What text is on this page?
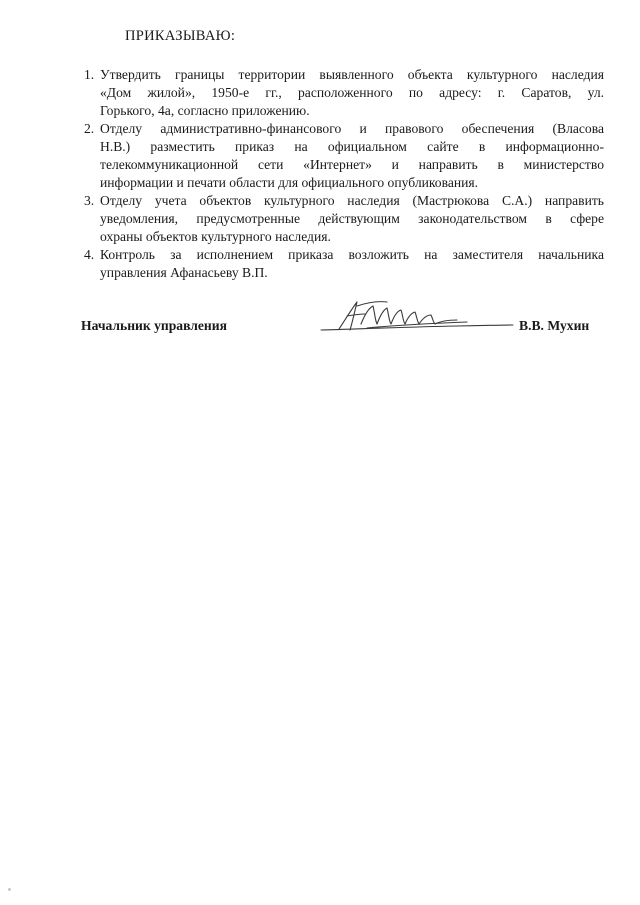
ПРИКАЗЫВАЮ:
1. Утвердить границы территории выявленного объекта культурного наследия
«Дом жилой», 1950-е гг., расположенного по адресу: г. Саратов, ул.
Горького, 4а, согласно приложению.
2. Отделу административно-финансового и правового обеспечения (Власова
Н.В.) разместить приказ на официальном сайте в информационно-
телекоммуникационной сети «Интернет» и направить в министерство
информации и печати области для официального опубликования.
3. Отделу учета объектов культурного наследия (Мастрюкова С.А.) направить
уведомления, предусмотренные действующим законодательством в сфере
охраны объектов культурного наследия.
4. Контроль за исполнением приказа возложить на заместителя начальника
управления Афанасьеву В.П.
Начальник управления	В.В. Мухин
